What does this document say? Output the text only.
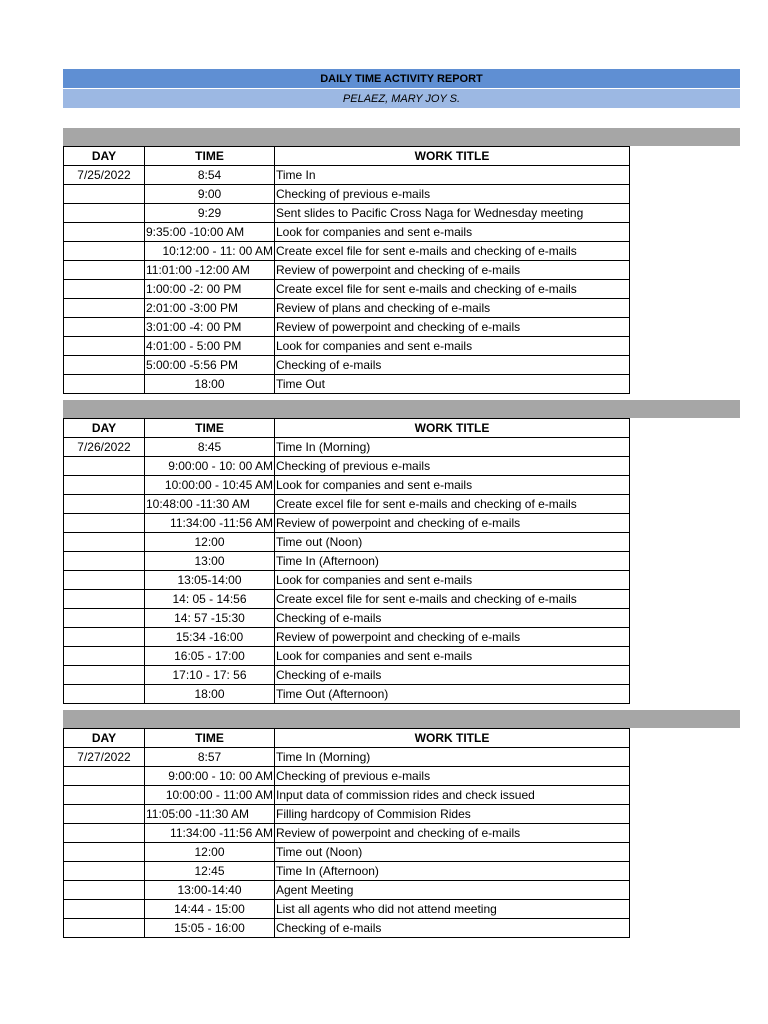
DAILY TIME ACTIVITY REPORT
PELAEZ, MARY JOY S.
DAY	TIME	WORK TITLE
7/25/2022	8:54	Time In
	9:00	Checking of previous e-mails
	9:29	Sent slides to Pacific Cross Naga for Wednesday meeting
	9:35:00 -10:00 AM	Look for companies and sent e-mails
	10:12:00 - 11: 00 AM	Create excel file for sent e-mails and checking of e-mails
	11:01:00 -12:00 AM	Review of powerpoint and checking of e-mails
	1:00:00 -2: 00 PM	Create excel file for sent e-mails and checking of e-mails
	2:01:00 -3:00 PM	Review of plans and checking of e-mails
	3:01:00 -4: 00 PM	Review of powerpoint and checking of e-mails
	4:01:00 - 5:00 PM	Look for companies and sent e-mails
	5:00:00 -5:56 PM	Checking of e-mails
	18:00	Time Out
DAY	TIME	WORK TITLE
7/26/2022	8:45	Time In (Morning)
	9:00:00 - 10: 00 AM	Checking of previous e-mails
	10:00:00 - 10:45 AM	Look for companies and sent e-mails
	10:48:00 -11:30 AM	Create excel file for sent e-mails and checking of e-mails
	11:34:00 -11:56 AM	Review of powerpoint and checking of e-mails
	12:00	Time out (Noon)
	13:00	Time In (Afternoon)
	13:05-14:00	Look for companies and sent e-mails
	14: 05 - 14:56	Create excel file for sent e-mails and checking of e-mails
	14: 57 -15:30	Checking of e-mails
	15:34 -16:00	Review of powerpoint and checking of e-mails
	16:05 - 17:00	Look for companies and sent e-mails
	17:10 - 17: 56	Checking of e-mails
	18:00	Time Out (Afternoon)
DAY	TIME	WORK TITLE
7/27/2022	8:57	Time In (Morning)
	9:00:00 - 10: 00 AM	Checking of previous e-mails
	10:00:00 - 11:00 AM	Input data of commission rides and check issued
	11:05:00 -11:30 AM	Filling hardcopy of Commision Rides
	11:34:00 -11:56 AM	Review of powerpoint and checking of e-mails
	12:00	Time out (Noon)
	12:45	Time In (Afternoon)
	13:00-14:40	Agent Meeting
	14:44 - 15:00	List all agents who did not attend meeting
	15:05 - 16:00	Checking of e-mails
